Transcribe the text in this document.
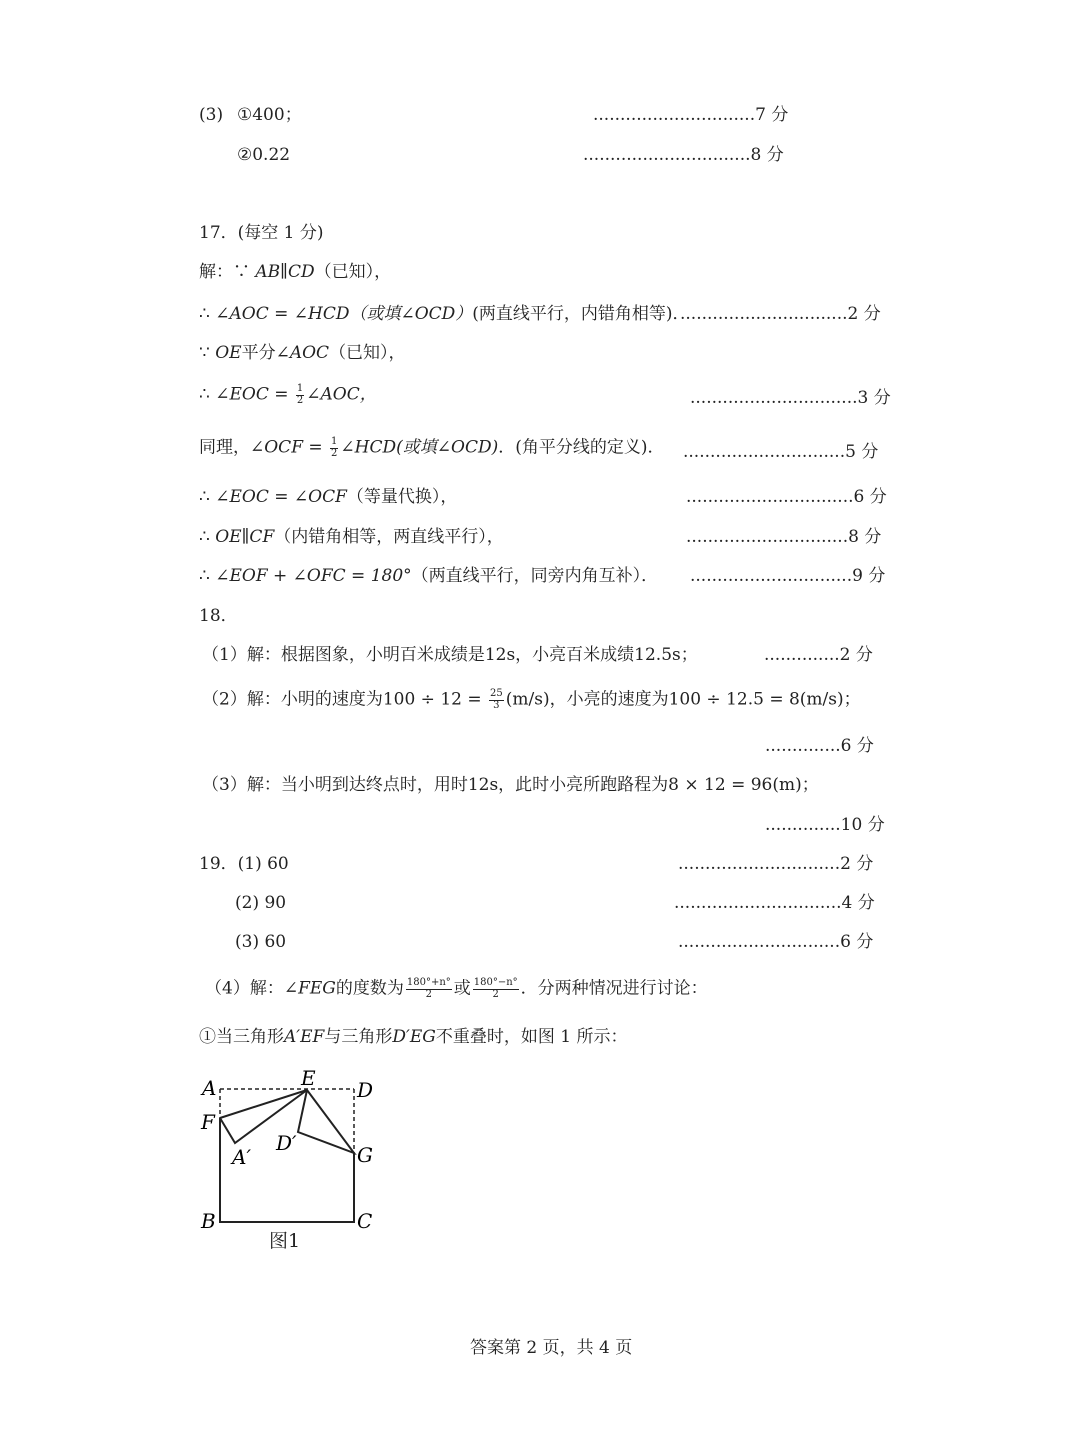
(3) ①400；	..............................7 分
②0.22	...............................8 分
17．(每空 1 分)
解：∵ AB∥CD（已知），
∴ ∠AOC = ∠HCD（或填∠OCD）(两直线平行，内错角相等)．
...............................2 分
∵ OE平分∠AOC（已知），
∴ ∠EOC = $\frac{1}{2}$ ∠AOC，	...............................3 分
同理，∠OCF = $\frac{1}{2}$ ∠HCD(或填∠OCD)．(角平分线的定义)． ..............................5 分
∴ ∠EOC = ∠OCF（等量代换），	...............................6 分
∴ OE∥CF（内错角相等，两直线平行），	..............................8 分
∴ ∠EOF + ∠OFC = 180°（两直线平行，同旁内角互补）． ..............................9 分
18．
（1）解：根据图象，小明百米成绩是12s，小亮百米成绩12.5s；	..............2 分
（2）解：小明的速度为$100 \div 12 = \frac{25}{3} (m/s)$，小亮的速度为100 ÷ 12.5 = 8(m/s)；
..............6 分
（3）解：当小明到达终点时，用时12s，此时小亮所跑路程为8 × 12 = 96(m)；
..............10 分
19．(1) 60	..............................2 分
(2) 90	...............................4 分
(3) 60	..............................6 分
（4）解：∠FEG的度数为 $\frac{180^\circ+n^\circ}{2}$ 或 $\frac{180^\circ-n^\circ}{2}$ ．分两种情况进行讨论：
①当三角形A′EF与三角形D′EG不重叠时，如图 1 所示：
A	E D
F
A′
D′	G
B	C
图1
答案第 2 页，共 4 页
